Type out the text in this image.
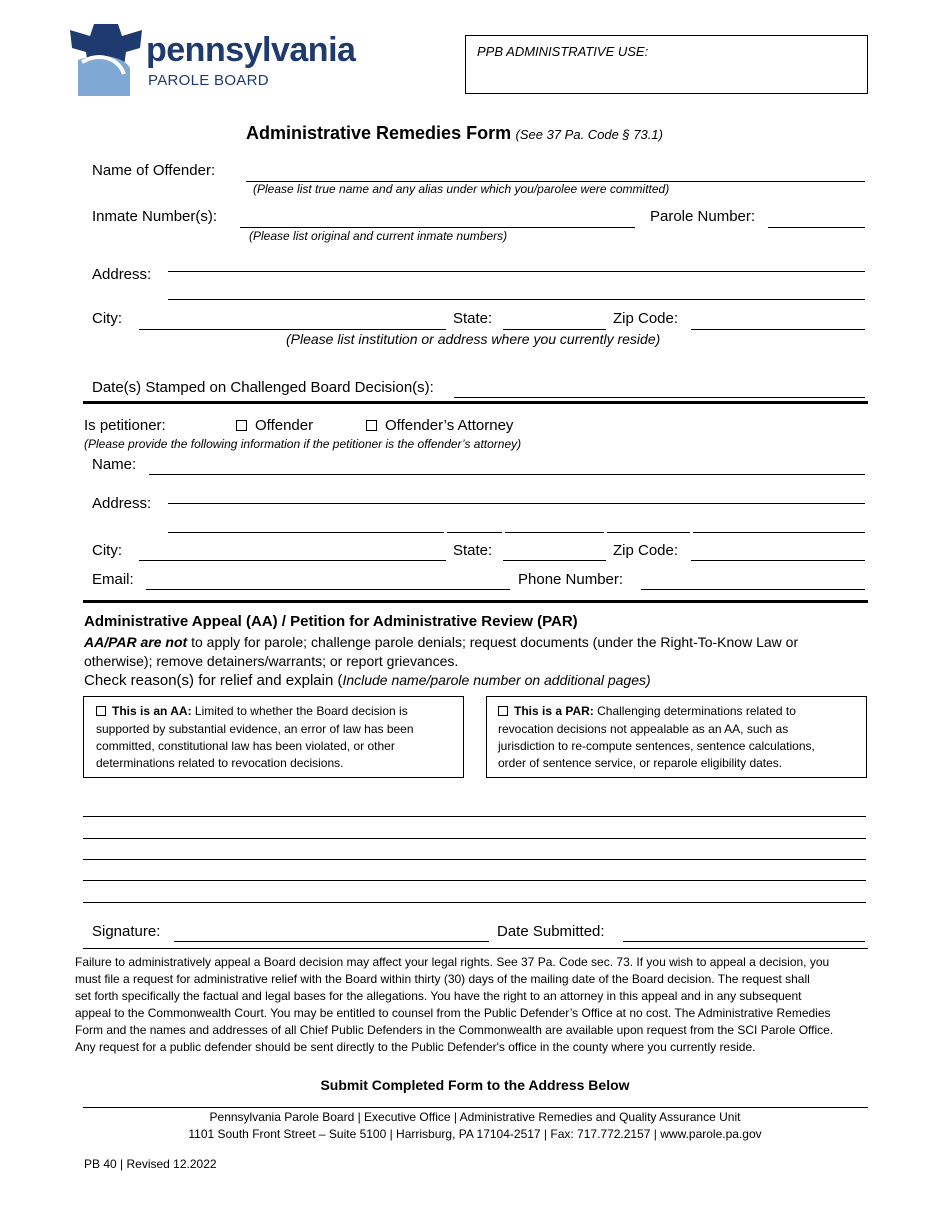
pennsylvania
PAROLE BOARD
PPB ADMINISTRATIVE USE:
Administrative Remedies Form (See 37 Pa. Code § 73.1)
Name of Offender:
(Please list true name and any alias under which you/parolee were committed)
Inmate Number(s):
(Please list original and current inmate numbers)
Parole Number:
Address:
City:	State:	Zip Code:
(Please list institution or address where you currently reside)
Date(s) Stamped on Challenged Board Decision(s):
Is petitioner:	Offender	Offender’s Attorney
(Please provide the following information if the petitioner is the offender’s attorney)
Name:
Address:
City:	State:	Zip Code:
Email:	Phone Number:
Administrative Appeal (AA) / Petition for Administrative Review (PAR)
AA/PAR are not to apply for parole; challenge parole denials; request documents (under the Right-To-Know Law or
otherwise); remove detainers/warrants; or report grievances.
Check reason(s) for relief and explain (Include name/parole number on additional pages)
This is an AA: Limited to whether the Board decision is
supported by substantial evidence, an error of law has been
committed, constitutional law has been violated, or other
determinations related to revocation decisions.
This is a PAR: Challenging determinations related to
revocation decisions not appealable as an AA, such as
jurisdiction to re-compute sentences, sentence calculations,
order of sentence service, or reparole eligibility dates.
Signature:	Date Submitted:
Failure to administratively appeal a Board decision may affect your legal rights. See 37 Pa. Code sec. 73. If you wish to appeal a decision, you
must file a request for administrative relief with the Board within thirty (30) days of the mailing date of the Board decision. The request shall
set forth specifically the factual and legal bases for the allegations. You have the right to an attorney in this appeal and in any subsequent
appeal to the Commonwealth Court. You may be entitled to counsel from the Public Defender’s Office at no cost. The Administrative Remedies
Form and the names and addresses of all Chief Public Defenders in the Commonwealth are available upon request from the SCI Parole Office.
Any request for a public defender should be sent directly to the Public Defender's office in the county where you currently reside.
Submit Completed Form to the Address Below
Pennsylvania Parole Board | Executive Office | Administrative Remedies and Quality Assurance Unit
1101 South Front Street – Suite 5100 | Harrisburg, PA 17104-2517 | Fax: 717.772.2157 | www.parole.pa.gov
PB 40 | Revised 12.2022
